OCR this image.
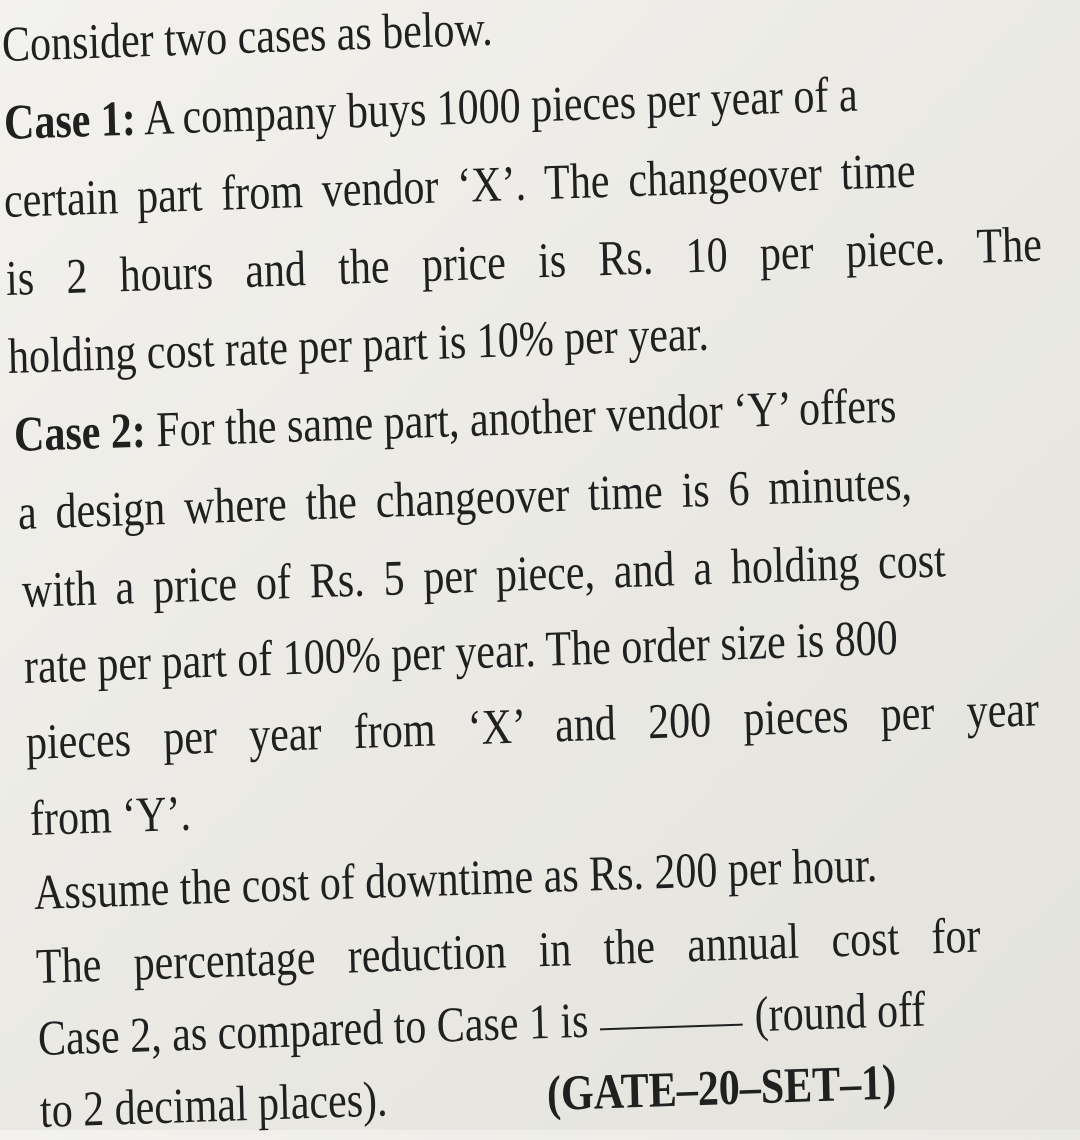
Consider two cases as below.
Case 1: A company buys 1000 pieces per year of a
certain part from vendor ‘X’. The changeover time
is 2 hours and the price is Rs. 10 per piece. The
holding cost rate per part is 10% per year.
Case 2: For the same part, another vendor ‘Y’ offers
a design where the changeover time is 6 minutes,
with a price of Rs. 5 per piece, and a holding cost
rate per part of 100% per year. The order size is 800
pieces per year from ‘X’ and 200 pieces per year
from ‘Y’.
Assume the cost of downtime as Rs. 200 per hour.
The percentage reduction in the annual cost for
Case 2, as compared to Case 1 is	(round off
to 2 decimal places).	(GATE–20–SET–1)
